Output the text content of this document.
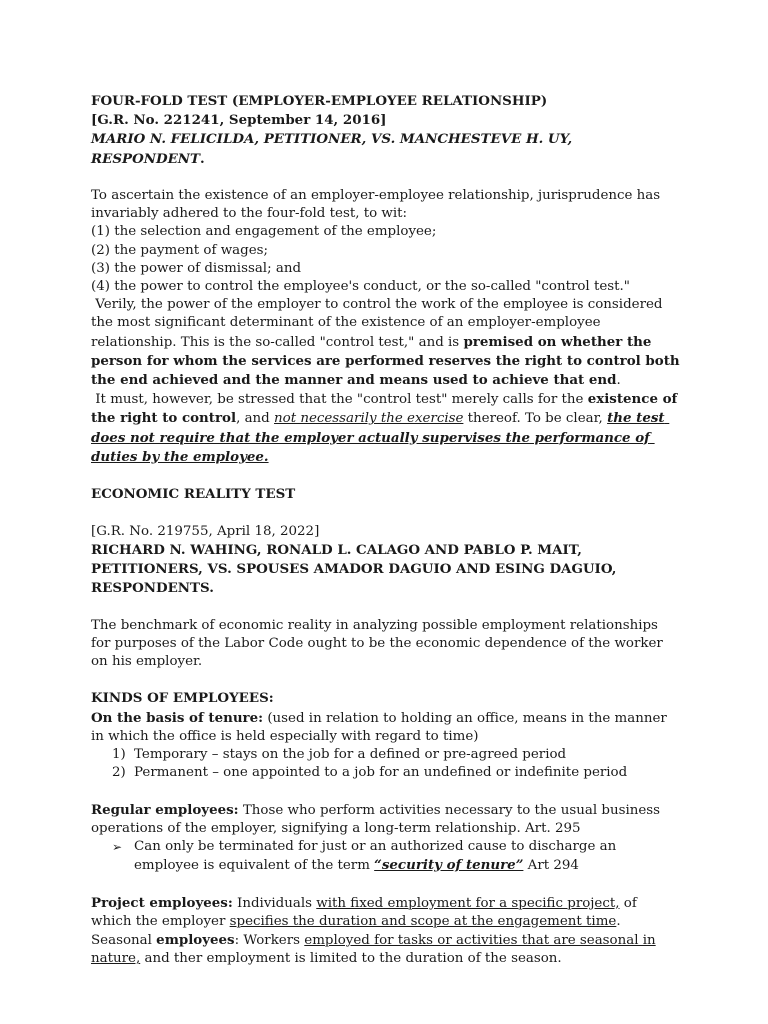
FOUR-FOLD TEST (EMPLOYER-EMPLOYEE RELATIONSHIP)

[G.R. No. 221241, September 14, 2016]

MARIO N. FELICILDA, PETITIONER, VS. MANCHESTEVE H. UY, RESPONDENT.

To ascertain the existence of an employer-employee relationship, jurisprudence has invariably adhered to the four-fold test, to wit:

(1) the selection and engagement of the employee;

(2) the payment of wages;

(3) the power of dismissal; and

(4) the power to control the employee's conduct, or the so-called "control test."

Verily, the power of the employer to control the work of the employee is considered the most significant determinant of the existence of an employer-employee relationship. This is the so-called "control test," and is premised on whether the person for whom the services are performed reserves the right to control both the end achieved and the manner and means used to achieve that end.

It must, however, be stressed that the "control test" merely calls for the existence of the right to control, and not necessarily the exercise thereof. To be clear, the test does not require that the employer actually supervises the performance of duties by the employee.

ECONOMIC REALITY TEST

[G.R. No. 219755, April 18, 2022]

RICHARD N. WAHING, RONALD L. CALAGO AND PABLO P. MAIT, PETITIONERS, VS. SPOUSES AMADOR DAGUIO AND ESING DAGUIO, RESPONDENTS.

The benchmark of economic reality in analyzing possible employment relationships for purposes of the Labor Code ought to be the economic dependence of the worker on his employer.

KINDS OF EMPLOYEES:

On the basis of tenure: (used in relation to holding an office, means in the manner in which the office is held especially with regard to time)

1) Temporary – stays on the job for a defined or pre-agreed period
2) Permanent – one appointed to a job for an undefined or indefinite period

Regular employees: Those who perform activities necessary to the usual business operations of the employer, signifying a long-term relationship. Art. 295

➢ Can only be terminated for just or an authorized cause to discharge an employee is equivalent of the term “security of tenure” Art 294

Project employees: Individuals with fixed employment for a specific project, of which the employer specifies the duration and scope at the engagement time.

Seasonal employees: Workers employed for tasks or activities that are seasonal in nature, and ther employment is limited to the duration of the season.
